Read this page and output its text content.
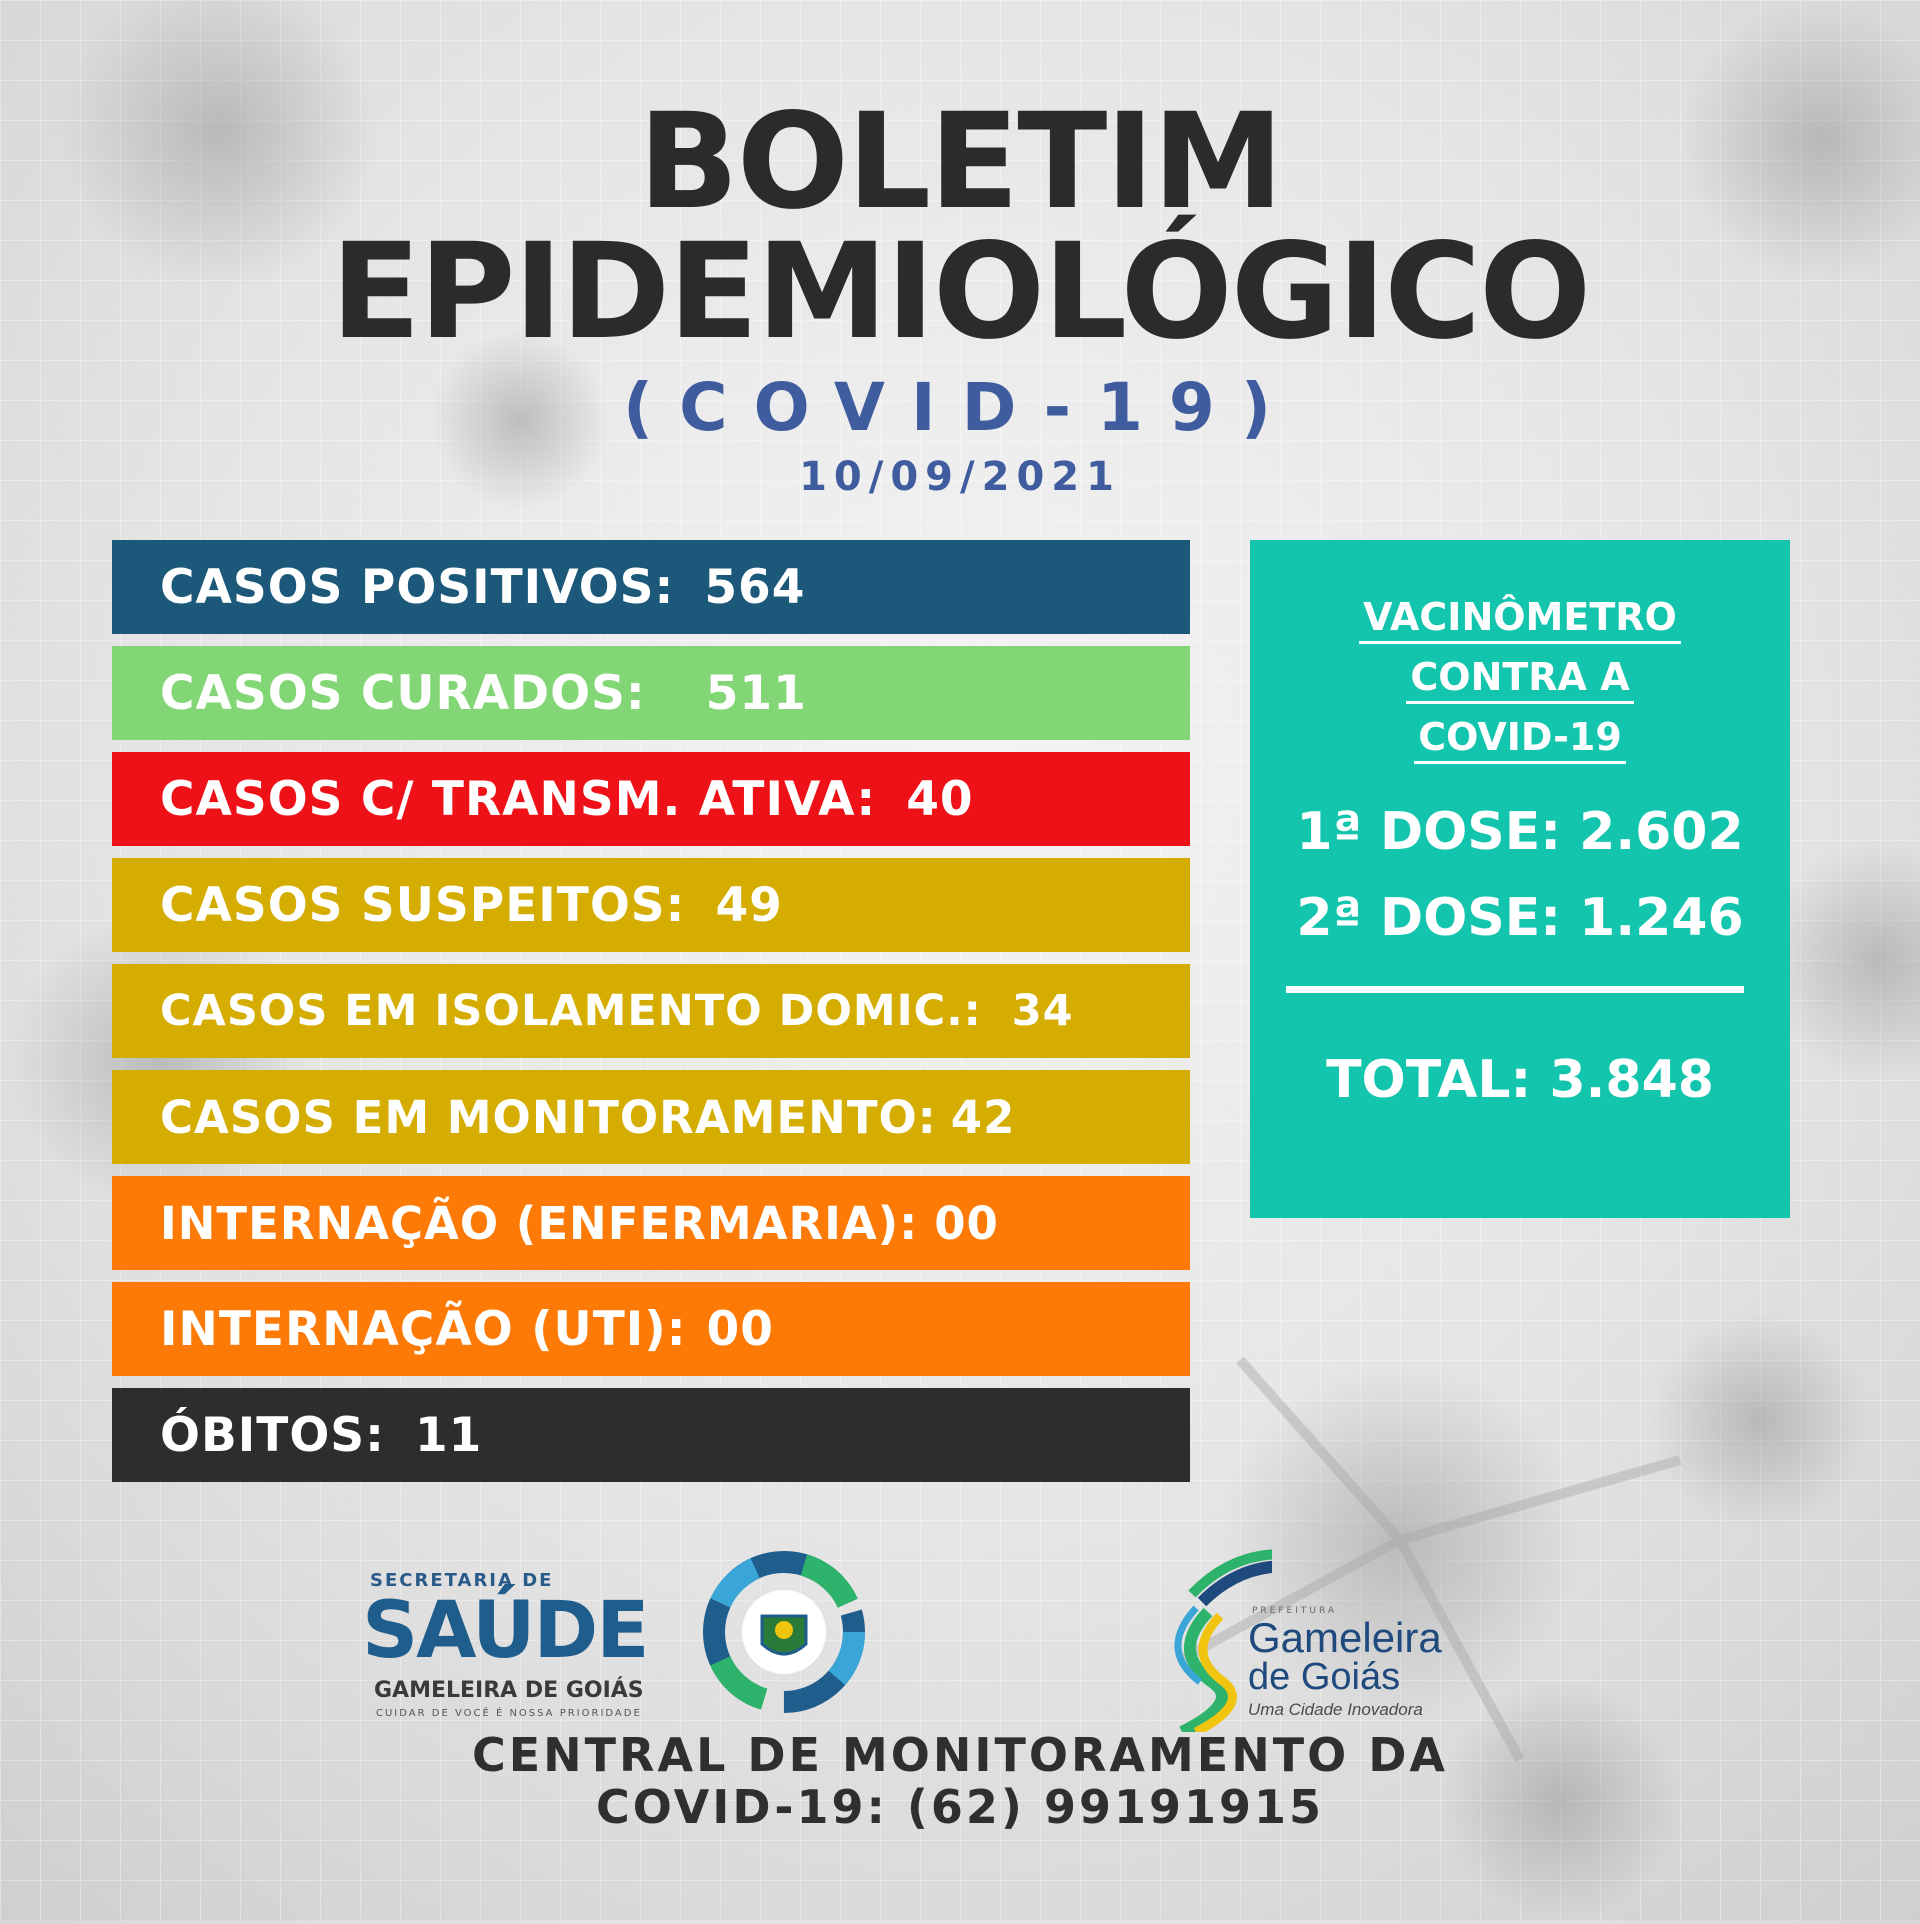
BOLETIM
EPIDEMIOLÓGICO
(COVID-19)
10/09/2021
CASOS POSITIVOS: 564
CASOS CURADOS: 511
CASOS C/ TRANSM. ATIVA: 40
CASOS SUSPEITOS: 49
CASOS EM ISOLAMENTO DOMIC.: 34
CASOS EM MONITORAMENTO: 42
INTERNAÇÃO (ENFERMARIA): 00
INTERNAÇÃO (UTI): 00
ÓBITOS: 11
VACINÔMETRO
CONTRA A
COVID-19
1ª DOSE: 2.602
2ª DOSE: 1.246
TOTAL: 3.848
SECRETARIA DE
SAÚDE
GAMELEIRA DE GOIÁS
CUIDAR DE VOCÊ É NOSSA PRIORIDADE
PREFEITURA
Gameleira
de Goiás
Uma Cidade Inovadora
CENTRAL DE MONITORAMENTO DA
COVID-19: (62) 99191915
